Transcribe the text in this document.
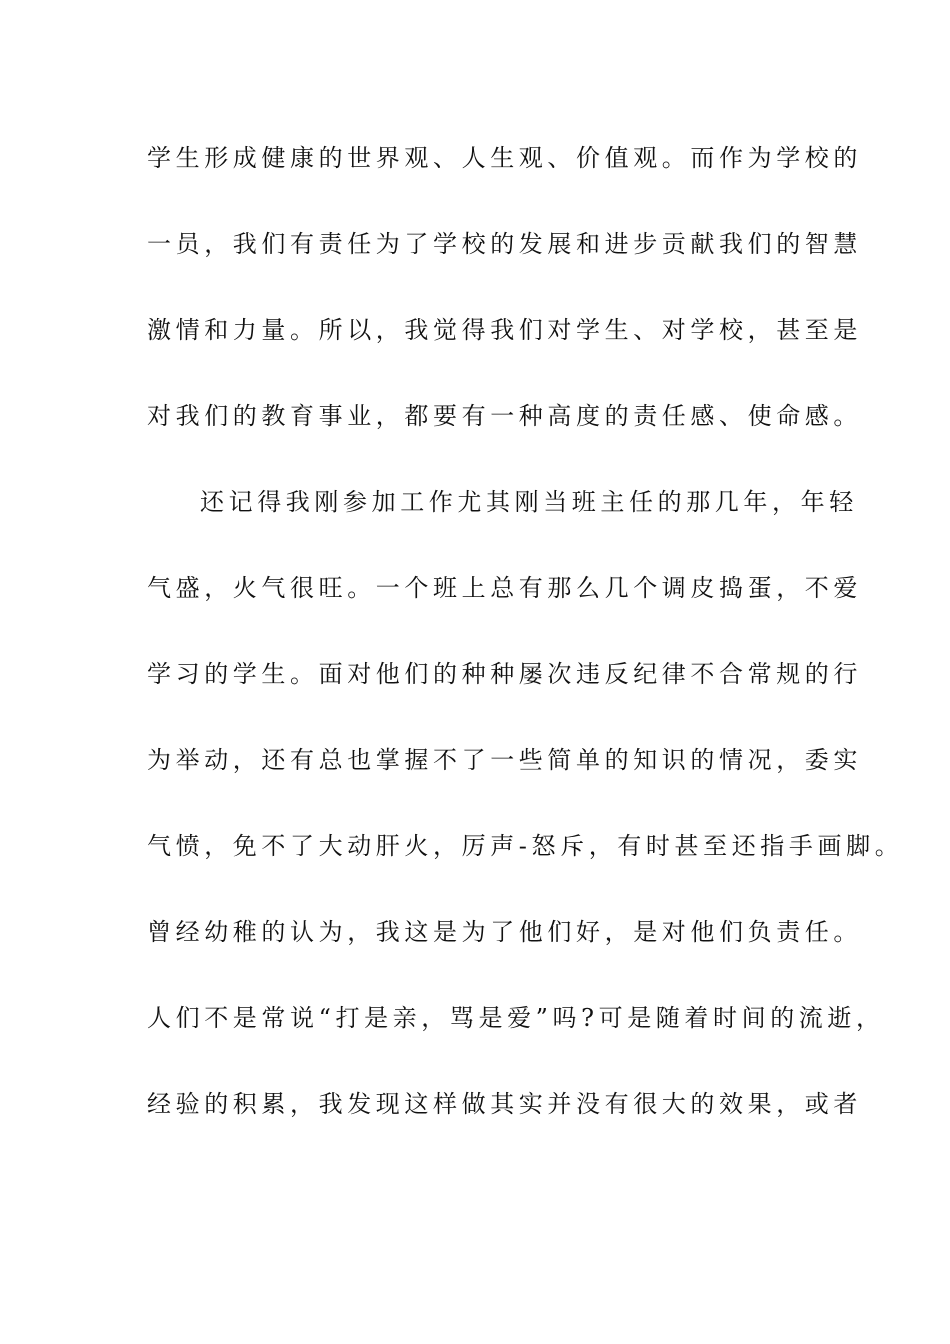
学生形成健康的世界观、人生观、价值观。而作为学校的
一员，我们有责任为了学校的发展和进步贡献我们的智慧
激情和力量。所以，我觉得我们对学生、对学校，甚至是
对我们的教育事业，都要有一种高度的责任感、使命感。
还记得我刚参加工作尤其刚当班主任的那几年，年轻
气盛，火气很旺。一个班上总有那么几个调皮捣蛋，不爱
学习的学生。面对他们的种种屡次违反纪律不合常规的行
为举动，还有总也掌握不了一些简单的知识的情况，委实
气愤，免不了大动肝火，厉声-怒斥，有时甚至还指手画脚。
曾经幼稚的认为，我这是为了他们好，是对他们负责任。
人们不是常说“打是亲，骂是爱”吗?可是随着时间的流逝，
经验的积累，我发现这样做其实并没有很大的效果，或者
